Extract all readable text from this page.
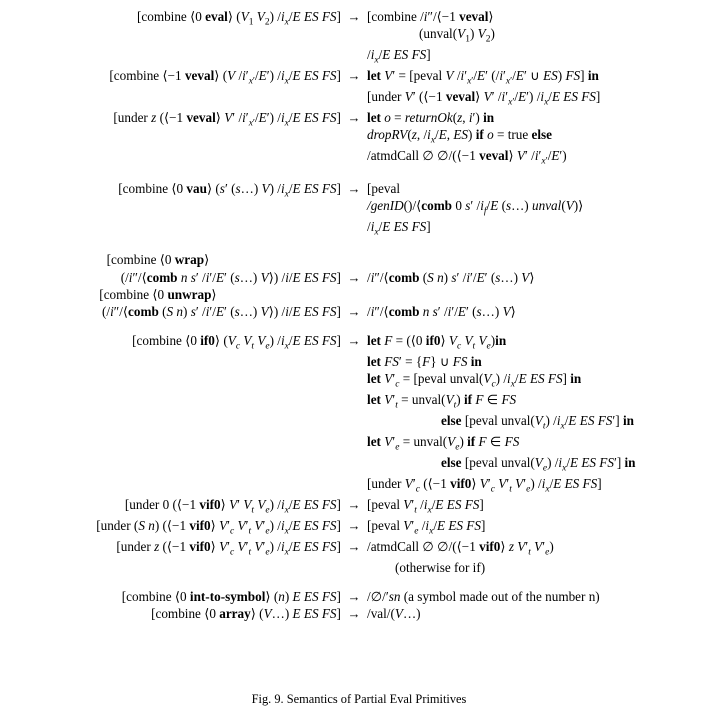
[combine ⟨0 eval⟩ ($V_1$ $V_2$) $/i_x/E$ ES FS]	→	[combine /i″/⟨−1 veval⟩
($unval(V_1)$ $V_2$)
$/i_x/E$ ES FS]

[combine ⟨−1 veval⟩ (V $/i'_{x'}/E'$) $/i_x/E$ ES FS]	→	let V′ = [peval V $/i'_{x'}/E'$ ($/i'_{x'}/E'$ ∪ ES) FS] in
[under V′ (⟨−1 veval⟩ V′ $/i'_{x'}/E'$) $/i_x/E$ ES FS]

[under z (⟨−1 veval⟩ V′ $/i'_{x'}/E'$) $/i_x/E$ ES FS]	→	let o = returnOk(z, i′) in
dropRV(z, $/i_x/E$, ES) if o = true else
/atmdCall ∅ ∅/(⟨−1 veval⟩ V′ $/i'_{x'}/E'$)

[combine ⟨0 vau⟩ (s′ (s…) V) $/i_x/E$ ES FS]	→	[peval
/genID()/⟨comb 0 s′ $/i_f/E$ (s…) unval(V)⟩
$/i_x/E$ ES FS]

[combine ⟨0 wrap⟩
(/i″/⟨comb n s′ /i′/E′ (s…) V⟩) /i/E ES FS]	→	/i″/⟨comb (S n) s′ /i′/E′ (s…) V⟩

[combine ⟨0 unwrap⟩
(/i″/⟨comb (S n) s′ /i′/E′ (s…) V⟩) /i/E ES FS]	→	/i″/⟨comb n s′ /i′/E′ (s…) V⟩

[combine ⟨0 if0⟩ ($V_c$ $V_t$ $V_e$) $/i_x/E$ ES FS]	→	let F = (⟨0 if0⟩ $V_c$ $V_t$ $V_e)in$
let FS′ = {F} ∪ FS in
let $V'_c$ = [peval $unval(V_c)$ $/i_x/E$ ES FS] in
let $V'_t$ = $unval(V_t)$ if F ∈ FS
else [peval $unval(V_t)$ $/i_x/E$ ES FS′] in
let $V'_e$ = $unval(V_e)$ if F ∈ FS
else [peval $unval(V_e)$ $/i_x/E$ ES FS′] in
[under $V'_c$ (⟨−1 vif0⟩ $V'_c$ $V'_t$ $V'_e$) $/i_x/E$ ES FS]

[under 0 (⟨−1 vif0⟩ V′ $V_t$ $V_e$) $/i_x/E$ ES FS]	→	[peval $V'_t$ $/i_x/E$ ES FS]

[under (S n) (⟨−1 vif0⟩ $V'_c$ $V'_t$ $V'_e$) $/i_x/E$ ES FS]	→	[peval $V'_e$ $/i_x/E$ ES FS]

[under z (⟨−1 vif0⟩ $V'_c$ $V'_t$ $V'_e$) $/i_x/E$ ES FS]	→	/atmdCall ∅ ∅/(⟨−1 vif0⟩ z $V'_t$ $V'_e$)
(otherwise for if)

[combine ⟨0 int-to-symbol⟩ (n) E ES FS]	→	/∅/′sn (a symbol made out of the number n)

[combine ⟨0 array⟩ (V…) E ES FS]	→	/val/(V…)
Fig. 9. Semantics of Partial Eval Primitives
